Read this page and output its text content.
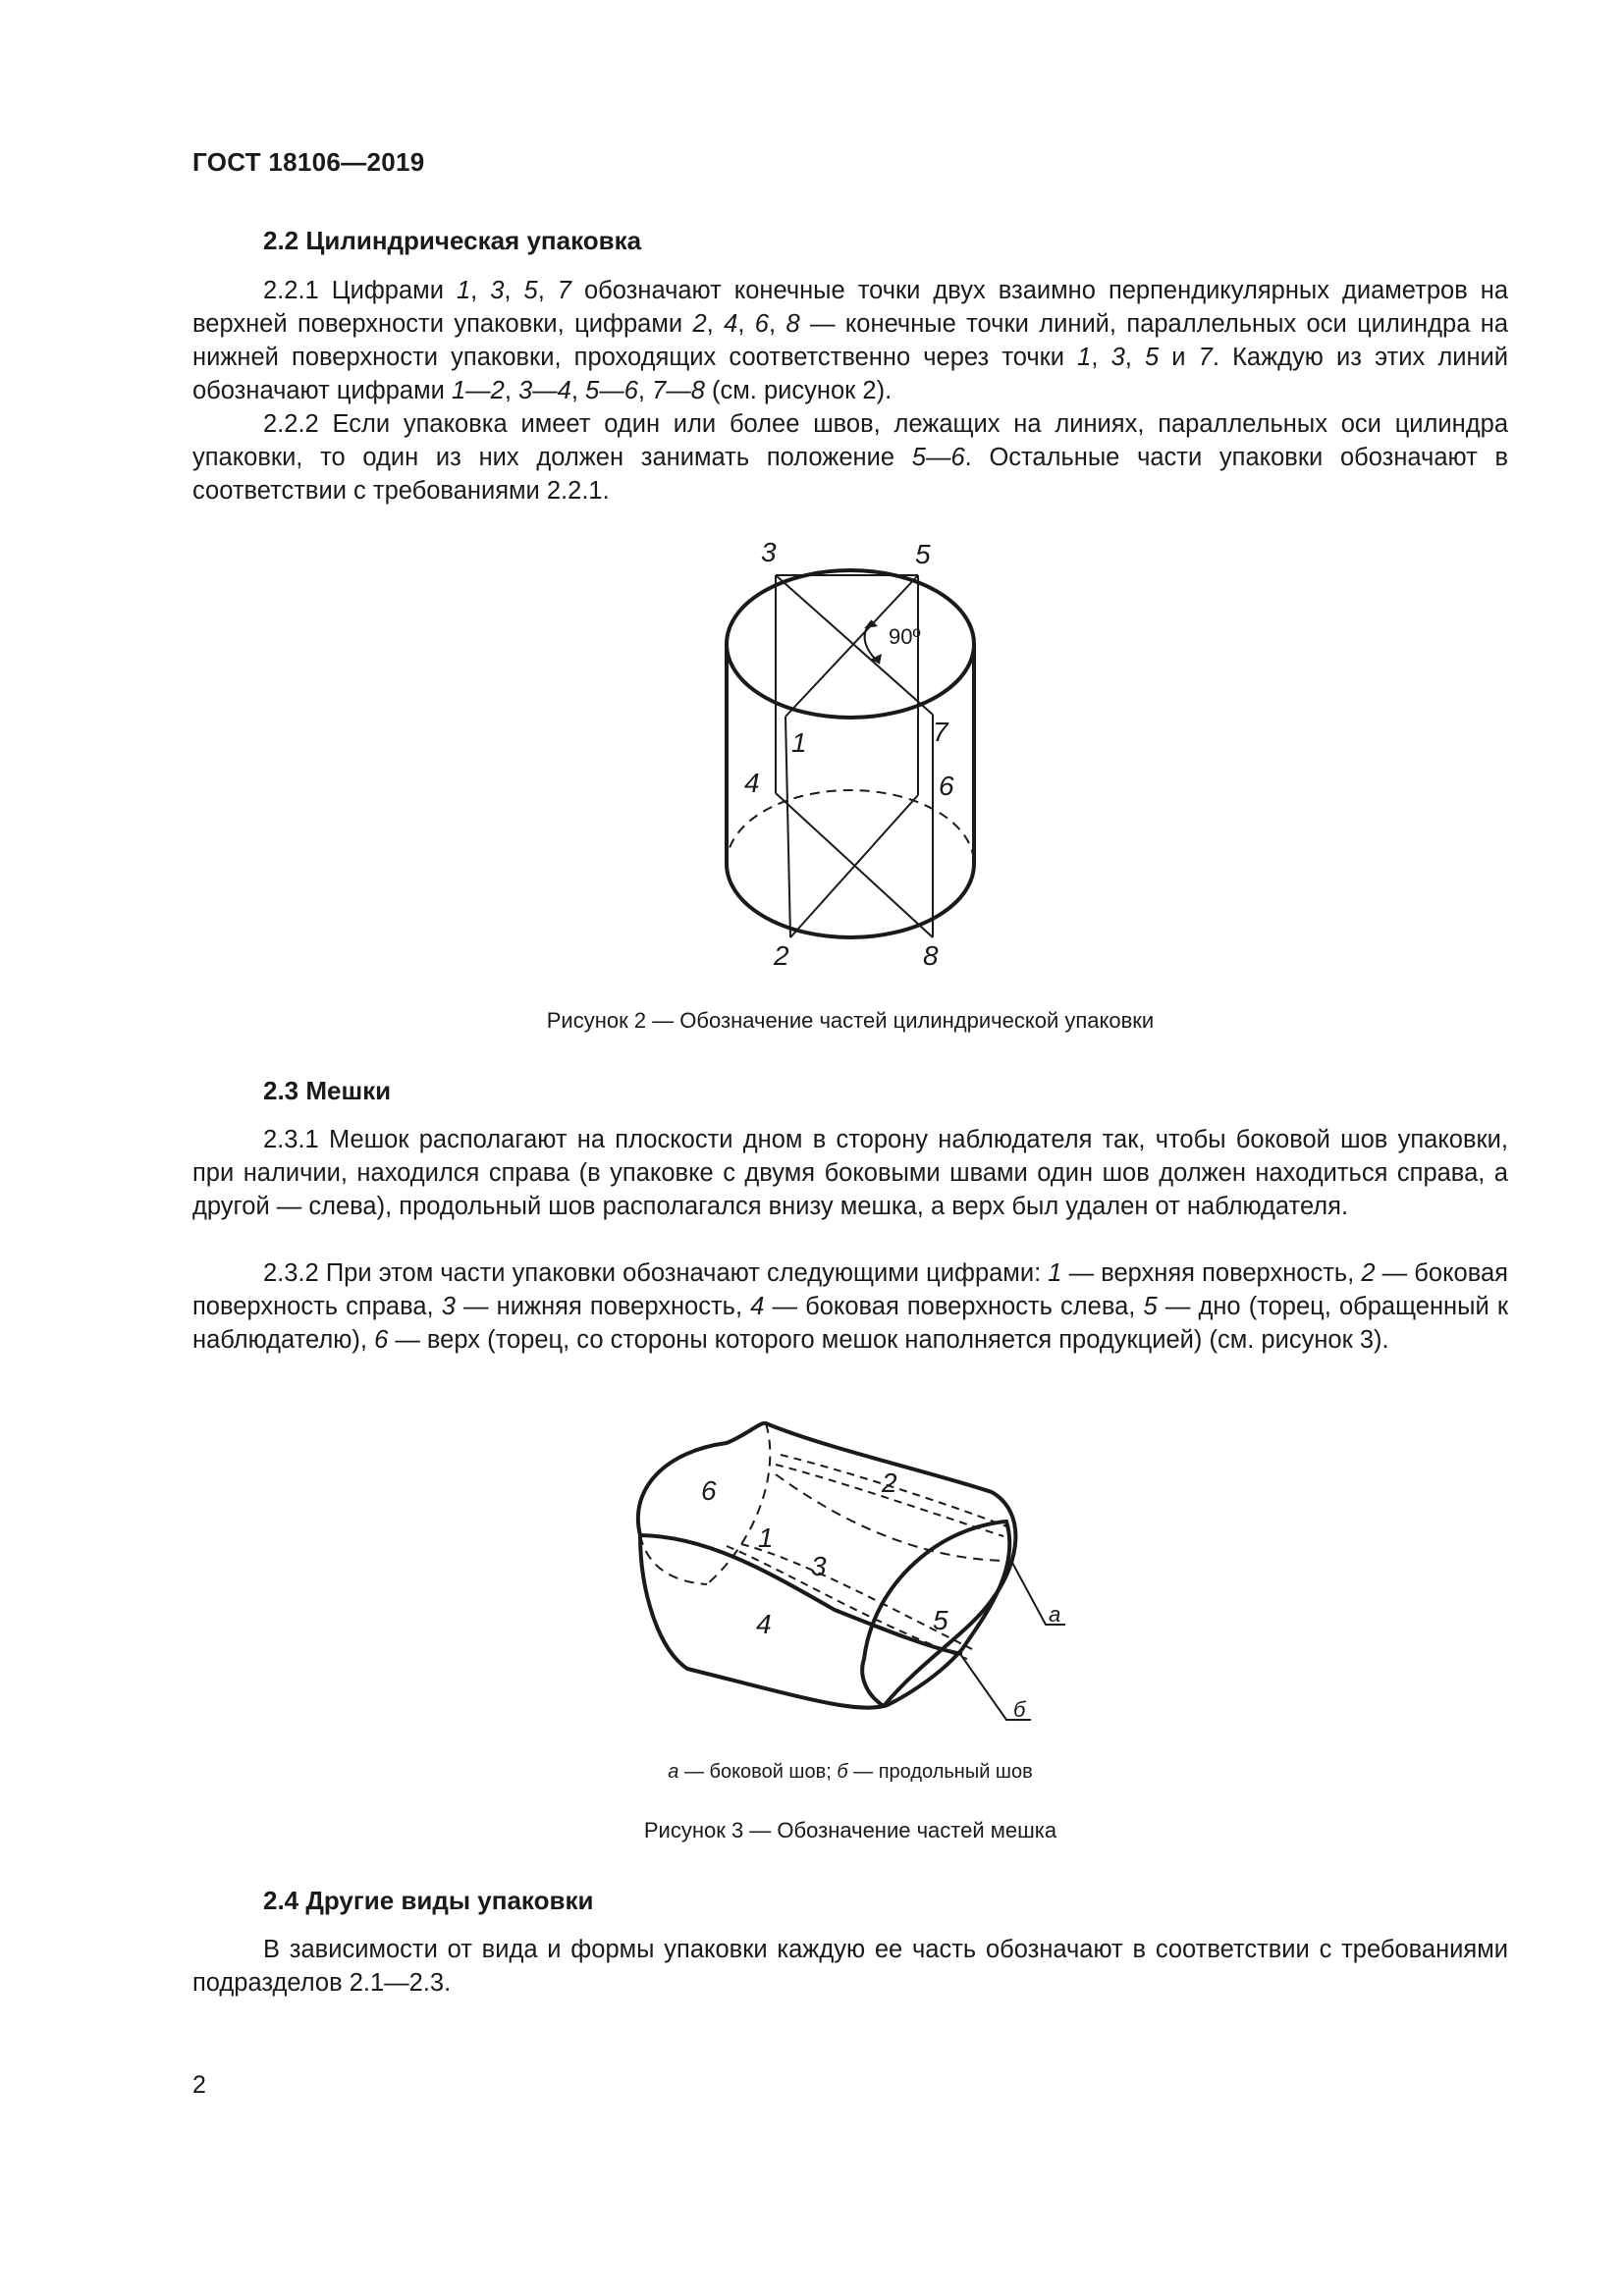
ГОСТ 18106—2019
2.2 Цилиндрическая упаковка

2.2.1 Цифрами 1, 3, 5, 7 обозначают конечные точки двух взаимно перпендикулярных диаметров на верхней поверхности упаковки, цифрами 2, 4, 6, 8 — конечные точки линий, параллельных оси цилиндра на нижней поверхности упаковки, проходящих соответственно через точки 1, 3, 5 и 7. Каждую из этих линий обозначают цифрами 1—2, 3—4, 5—6, 7—8 (см. рисунок 2).

2.2.2 Если упаковка имеет один или более швов, лежащих на линиях, параллельных оси цилиндра упаковки, то один из них должен занимать положение 5—6. Остальные части упаковки обозначают в соответствии с требованиями 2.2.1.

3	5
1	7
4	6
2	8
90º
Рисунок 2 — Обозначение частей цилиндрической упаковки
2.3 Мешки

2.3.1 Мешок располагают на плоскости дном в сторону наблюдателя так, чтобы боковой шов упаковки, при наличии, находился справа (в упаковке с двумя боковыми швами один шов должен находиться справа, а другой — слева), продольный шов располагался внизу мешка, а верх был удален от наблюдателя.

2.3.2 При этом части упаковки обозначают следующими цифрами: 1 — верхняя поверхность, 2 — боковая поверхность справа, 3 — нижняя поверхность, 4 — боковая поверхность слева, 5 — дно (торец, обращенный к наблюдателю), 6 — верх (торец, со стороны которого мешок наполняется продукцией) (см. рисунок 3).

6	2
1
3
4	5	а
б
а — боковой шов; б — продольный шов
Рисунок 3 — Обозначение частей мешка
2.4 Другие виды упаковки

В зависимости от вида и формы упаковки каждую ее часть обозначают в соответствии с требованиями подразделов 2.1—2.3.

2
